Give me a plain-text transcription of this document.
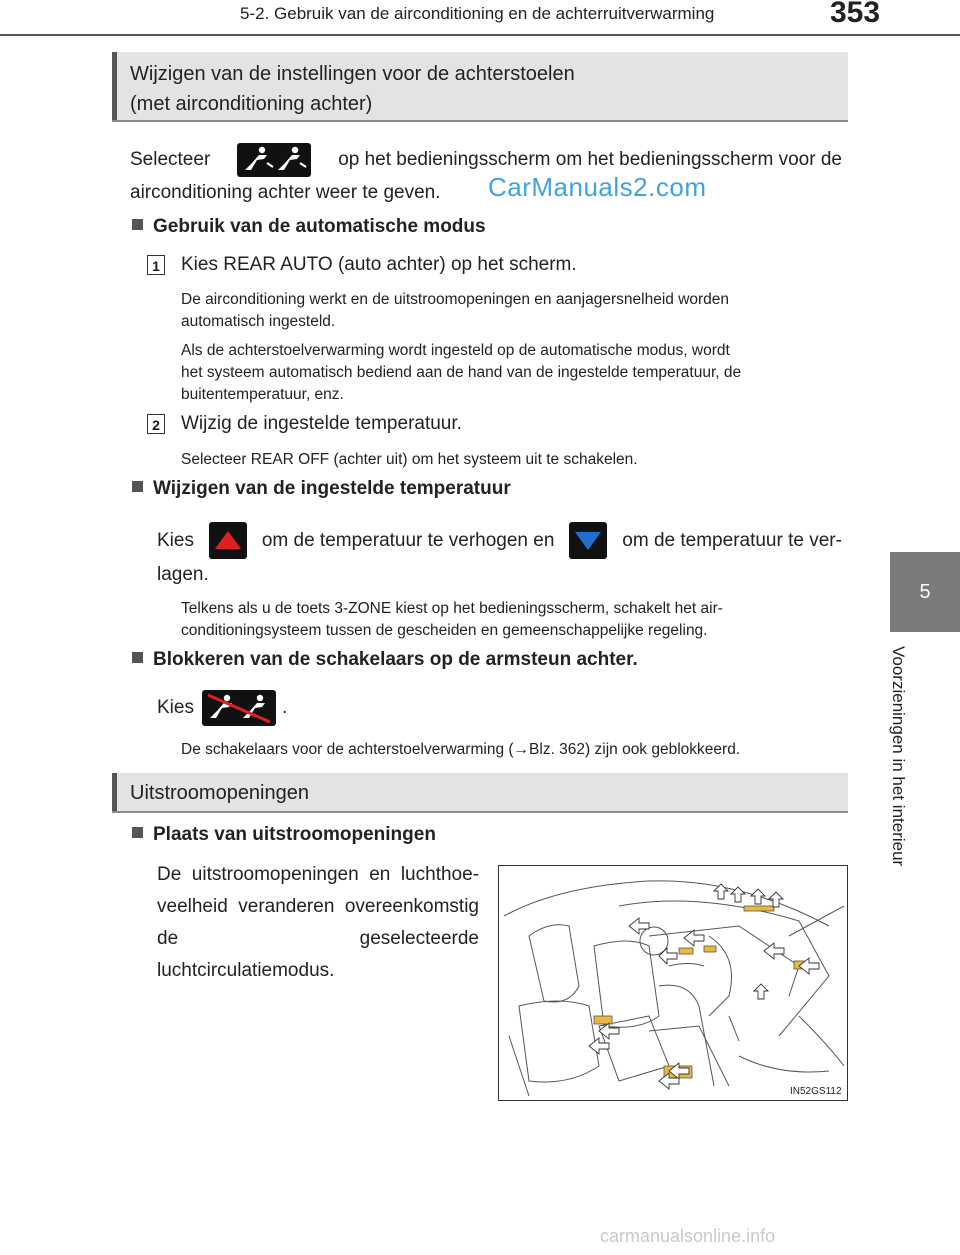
5-2. Gebruik van de airconditioning en de achterruitverwarming	353
5
Voorzieningen in het interieur
Wijzigen van de instellingen voor de achterstoelen
(met airconditioning achter)
Selecteer	op het bedieningsscherm om het bedieningsscherm voor de
airconditioning achter weer te geven.	CarManuals2.com
Gebruik van de automatische modus
1 Kies REAR AUTO (auto achter) op het scherm.
De airconditioning werkt en de uitstroomopeningen en aanjagersnelheid worden
automatisch ingesteld.
Als de achterstoelverwarming wordt ingesteld op de automatische modus, wordt
het systeem automatisch bediend aan de hand van de ingestelde temperatuur, de
buitentemperatuur, enz.
2 Wijzig de ingestelde temperatuur.
Selecteer REAR OFF (achter uit) om het systeem uit te schakelen.
Wijzigen van de ingestelde temperatuur
Kies	om de temperatuur te verhogen en	om de temperatuur te ver-
lagen.
Telkens als u de toets 3-ZONE kiest op het bedieningsscherm, schakelt het air-
conditioningsysteem tussen de gescheiden en gemeenschappelijke regeling.
Blokkeren van de schakelaars op de armsteun achter.
Kies	.
De schakelaars voor de achterstoelverwarming (→Blz. 362) zijn ook geblokkeerd.
Uitstroomopeningen
Plaats van uitstroomopeningen
De uitstroomopeningen en luchthoe-
veelheid veranderen overeenkomstig
de geselecteerde luchtcirculatiemodus.
IN52GS112
carmanualsonline.info
